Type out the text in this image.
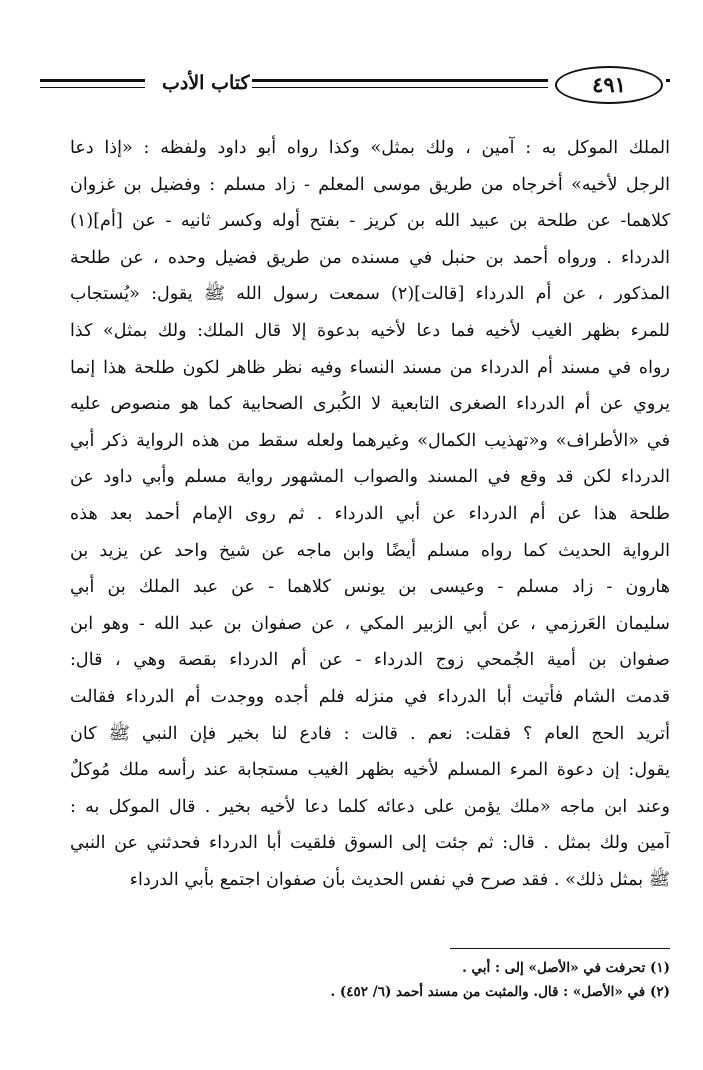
كتاب الأدب	٤٩١
الملك الموكل به : آمين ، ولك بمثل» وكذا رواه أبو داود ولفظه : «إذا دعا
الرجل لأخيه» أخرجاه من طريق موسى المعلم - زاد مسلم : وفضيل بن غزوان
كلاهما- عن طلحة بن عبيد الله بن كريز - بفتح أوله وكسر ثانيه - عن [أم](١)
الدرداء . ورواه أحمد بن حنبل في مسنده من طريق فضيل وحده ، عن طلحة
المذكور ، عن أم الدرداء [قالت](٢) سمعت رسول الله ﷺ يقول: «يُستجاب
للمرء بظهر الغيب لأخيه فما دعا لأخيه بدعوة إلا قال الملك: ولك بمثل» كذا
رواه في مسند أم الدرداء من مسند النساء وفيه نظر ظاهر لكون طلحة هذا إنما
يروي عن أم الدرداء الصغرى التابعية لا الكُبرى الصحابية كما هو منصوص عليه
في «الأطراف» و«تهذيب الكمال» وغيرهما ولعله سقط من هذه الرواية ذكر أبي
الدرداء لكن قد وقع في المسند والصواب المشهور رواية مسلم وأبي داود عن
طلحة هذا عن أم الدرداء عن أبي الدرداء . ثم روى الإمام أحمد بعد هذه
الرواية الحديث كما رواه مسلم أيضًا وابن ماجه عن شيخ واحد عن يزيد بن
هارون - زاد مسلم - وعيسى بن يونس كلاهما - عن عبد الملك بن أبي
سليمان العَرزمي ، عن أبي الزبير المكي ، عن صفوان بن عبد الله - وهو ابن
صفوان بن أمية الجُمحي زوج الدرداء - عن أم الدرداء بقصة وهي ، قال:
قدمت الشام فأتيت أبا الدرداء في منزله فلم أجده ووجدت أم الدرداء فقالت
أتريد الحج العام ؟ فقلت: نعم . قالت : فادع لنا بخير فإن النبي ﷺ كان
يقول: إن دعوة المرء المسلم لأخيه بظهر الغيب مستجابة عند رأسه ملك مُوكلٌ
وعند ابن ماجه «ملك يؤمن على دعائه كلما دعا لأخيه بخير . قال الموكل به :
آمين ولك بمثل . قال: ثم جئت إلى السوق فلقيت أبا الدرداء فحدثني عن النبي
ﷺ بمثل ذلك» . فقد صرح في نفس الحديث بأن صفوان اجتمع بأبي الدرداء
(١) تحرفت في «الأصل» إلى : أبي .
(٢) في «الأصل» : قال. والمثبت من مسند أحمد (٦/ ٤٥٢) .
